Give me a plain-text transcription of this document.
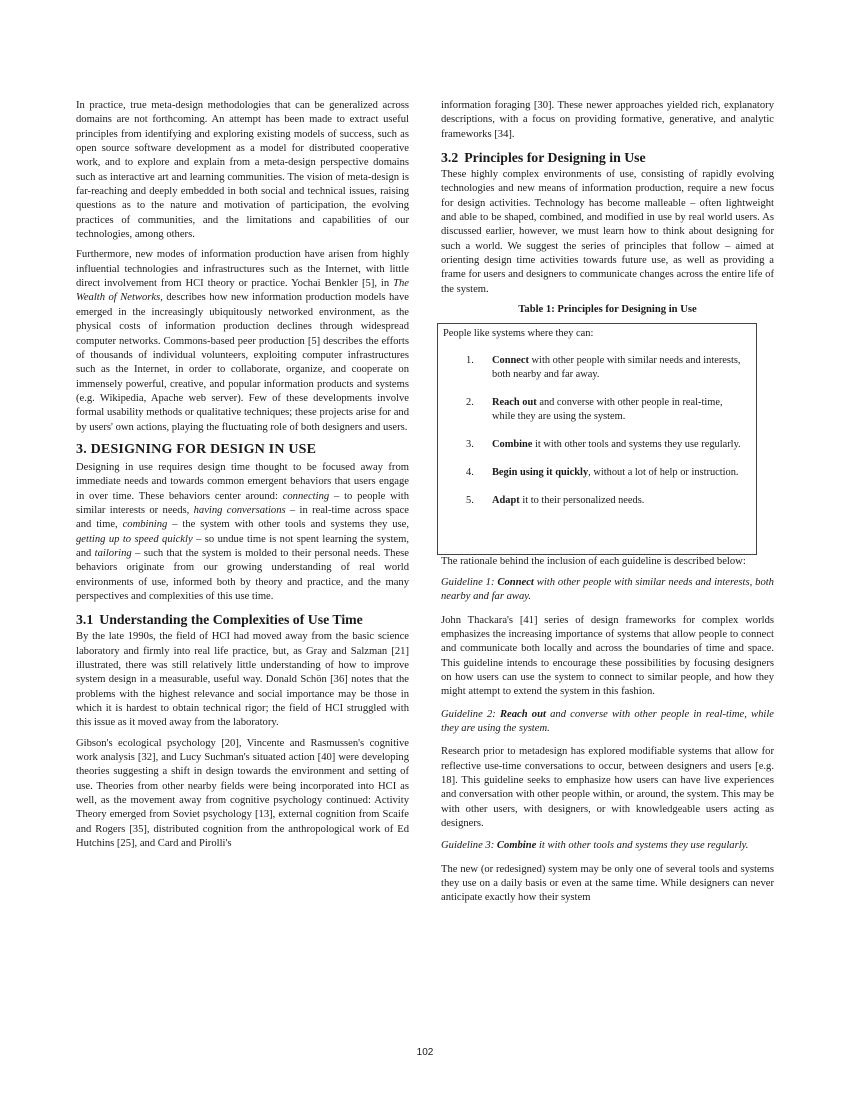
In practice, true meta-design methodologies that can be generalized across domains are not forthcoming. An attempt has been made to extract useful principles from identifying and exploring existing models of success, such as open source software development as a model for distributed cooperative work, and to explore and explain from a meta-design perspective domains such as interactive art and learning communities. The vision of meta-design is far-reaching and deeply embedded in both social and technical issues, raising questions as to the nature and motivation of participation, the evolving practices of communities, and the limitations and capabilities of our technologies, among others.

Furthermore, new modes of information production have arisen from highly influential technologies and infrastructures such as the Internet, with little direct involvement from HCI theory or practice. Yochai Benkler [5], in The Wealth of Networks, describes how new information production models have emerged in the increasingly ubiquitously networked environment, as the physical costs of information production declines through widespread computer networks. Commons-based peer production [5] describes the efforts of thousands of individual volunteers, exploiting computer infrastructures such as the Internet, in order to collaborate, organize, and cooperate on immensely powerful, creative, and popular information products and systems (e.g. Wikipedia, Apache web server). Few of these developments involve formal usability methods or qualitative techniques; these projects arise for and by users' own actions, playing the fluctuating role of both designers and users.

3. DESIGNING FOR DESIGN IN USE

Designing in use requires design time thought to be focused away from immediate needs and towards common emergent behaviors that users engage in over time. These behaviors center around: connecting – to people with similar interests or needs, having conversations – in real-time across space and time, combining – the system with other tools and systems they use, getting up to speed quickly – so undue time is not spent learning the system, and tailoring – such that the system is molded to their personal needs. These behaviors originate from our growing understanding of real world environments of use, informed both by theory and practice, and the many perspectives and complexities of this use time.

3.1 Understanding the Complexities of Use Time

By the late 1990s, the field of HCI had moved away from the basic science laboratory and firmly into real life practice, but, as Gray and Salzman [21] illustrated, there was still relatively little understanding of how to improve system design in a measurable, useful way. Donald Schön [36] notes that the problems with the highest relevance and social importance may be those in which it is hardest to obtain technical rigor; the field of HCI struggled with this issue as it moved away from the laboratory.

Gibson's ecological psychology [20], Vincente and Rasmussen's cognitive work analysis [32], and Lucy Suchman's situated action [40] were developing theories suggesting a shift in design towards the environment and setting of use. Theories from other nearby fields were being incorporated into HCI as well, as the movement away from cognitive psychology continued: Activity Theory emerged from Soviet psychology [13], external cognition from Scaife and Rogers [35], distributed cognition from the anthropological work of Ed Hutchins [25], and Card and Pirolli's

information foraging [30]. These newer approaches yielded rich, explanatory descriptions, with a focus on providing formative, generative, and analytic frameworks [34].

3.2 Principles for Designing in Use

These highly complex environments of use, consisting of rapidly evolving technologies and new means of information production, require a new focus for design activities. Technology has become malleable – often lightweight and able to be shaped, combined, and modified in use by real world users. As discussed earlier, however, we must learn how to think about designing for such a world. We suggest the series of principles that follow – aimed at orienting design time activities towards future use, as well as providing a frame for users and designers to communicate changes across the entire life of the system.

Table 1: Principles for Designing in Use
People like systems where they can:
1.	Connect with other people with similar needs and interests, both nearby and far away.
2.	Reach out and converse with other people in real-time, while they are using the system.
3.	Combine it with other tools and systems they use regularly.
4.	Begin using it quickly, without a lot of help or instruction.
5.	Adapt it to their personalized needs.

The rationale behind the inclusion of each guideline is described below:

Guideline 1: Connect with other people with similar needs and interests, both nearby and far away.

John Thackara's [41] series of design frameworks for complex worlds emphasizes the increasing importance of systems that allow people to connect and communicate both locally and across the boundaries of time and space. This guideline intends to encourage these possibilities by focusing designers on how users can use the system to connect to similar people, and how they might attempt to extend the system in this fashion.

Guideline 2: Reach out and converse with other people in real-time, while they are using the system.

Research prior to metadesign has explored modifiable systems that allow for reflective use-time conversations to occur, between designers and users [e.g. 18]. This guideline seeks to emphasize how users can have live experiences and conversation with other people within, or around, the system. This may be with other users, with designers, or with knowledgeable users acting as designers.

Guideline 3: Combine it with other tools and systems they use regularly.

The new (or redesigned) system may be only one of several tools and systems they use on a daily basis or even at the same time. While designers can never anticipate exactly how their system

102
